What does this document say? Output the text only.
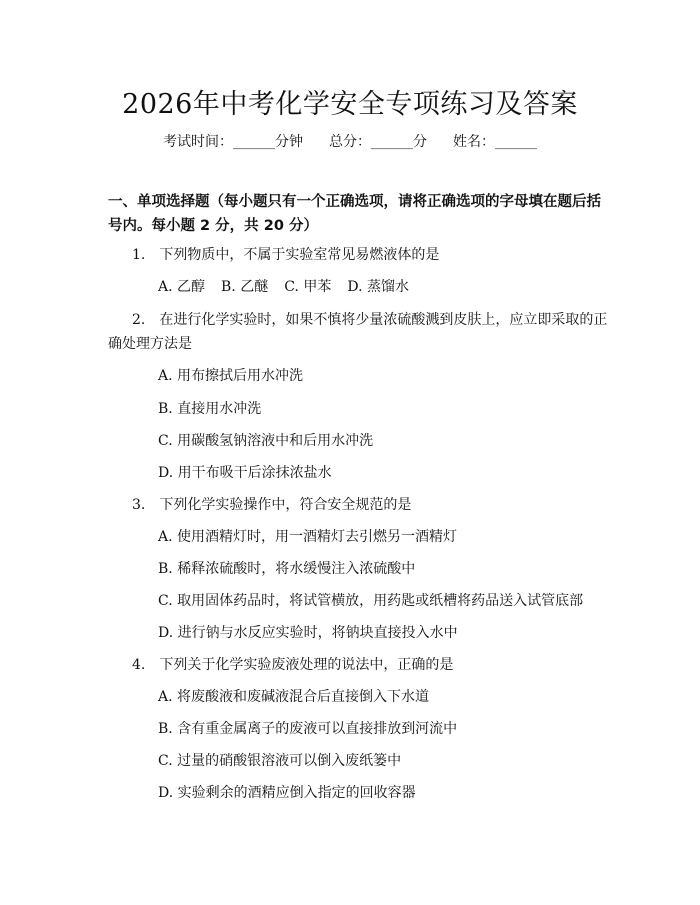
2026年中考化学安全专项练习及答案
考试时间：______分钟 总分：______分 姓名：______
一、单项选择题（每小题只有一个正确选项，请将正确选项的字母填在题后括号内。每小题 2 分，共 20 分）
1.　下列物质中，不属于实验室常见易燃液体的是
A. 乙醇 B. 乙醚 C. 甲苯 D. 蒸馏水
2.　在进行化学实验时，如果不慎将少量浓硫酸溅到皮肤上，应立即采取的正
确处理方法是
A. 用布擦拭后用水冲洗
B. 直接用水冲洗
C. 用碳酸氢钠溶液中和后用水冲洗
D. 用干布吸干后涂抹浓盐水
3.　下列化学实验操作中，符合安全规范的是
A. 使用酒精灯时，用一酒精灯去引燃另一酒精灯
B. 稀释浓硫酸时，将水缓慢注入浓硫酸中
C. 取用固体药品时，将试管横放，用药匙或纸槽将药品送入试管底部
D. 进行钠与水反应实验时，将钠块直接投入水中
4.　下列关于化学实验废液处理的说法中，正确的是
A. 将废酸液和废碱液混合后直接倒入下水道
B. 含有重金属离子的废液可以直接排放到河流中
C. 过量的硝酸银溶液可以倒入废纸篓中
D. 实验剩余的酒精应倒入指定的回收容器
